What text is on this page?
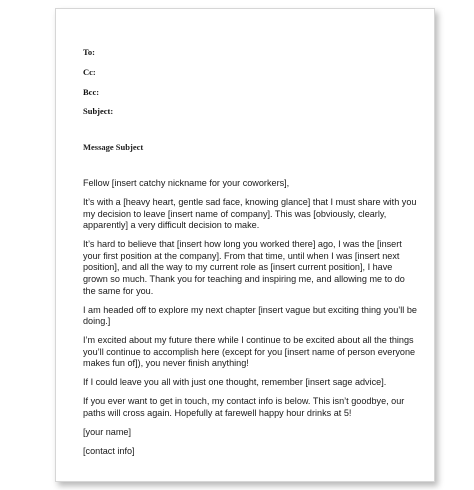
To:
Cc:
Bcc:
Subject:
Message Subject

Fellow [insert catchy nickname for your coworkers],

It’s with a [heavy heart, gentle sad face, knowing glance] that I must share with you my decision to leave [insert name of company]. This was [obviously, clearly, apparently] a very difficult decision to make.

It’s hard to believe that [insert how long you worked there] ago, I was the [insert your first position at the company]. From that time, until when I was [insert next position], and all the way to my current role as [insert current position], I have grown so much. Thank you for teaching and inspiring me, and allowing me to do the same for you.

I am headed off to explore my next chapter [insert vague but exciting thing you’ll be doing.]

I’m excited about my future there while I continue to be excited about all the things you’ll continue to accomplish here (except for you [insert name of person everyone makes fun of]), you never finish anything!

If I could leave you all with just one thought, remember [insert sage advice].

If you ever want to get in touch, my contact info is below. This isn’t goodbye, our paths will cross again. Hopefully at farewell happy hour drinks at 5!

[your name]

[contact info]
